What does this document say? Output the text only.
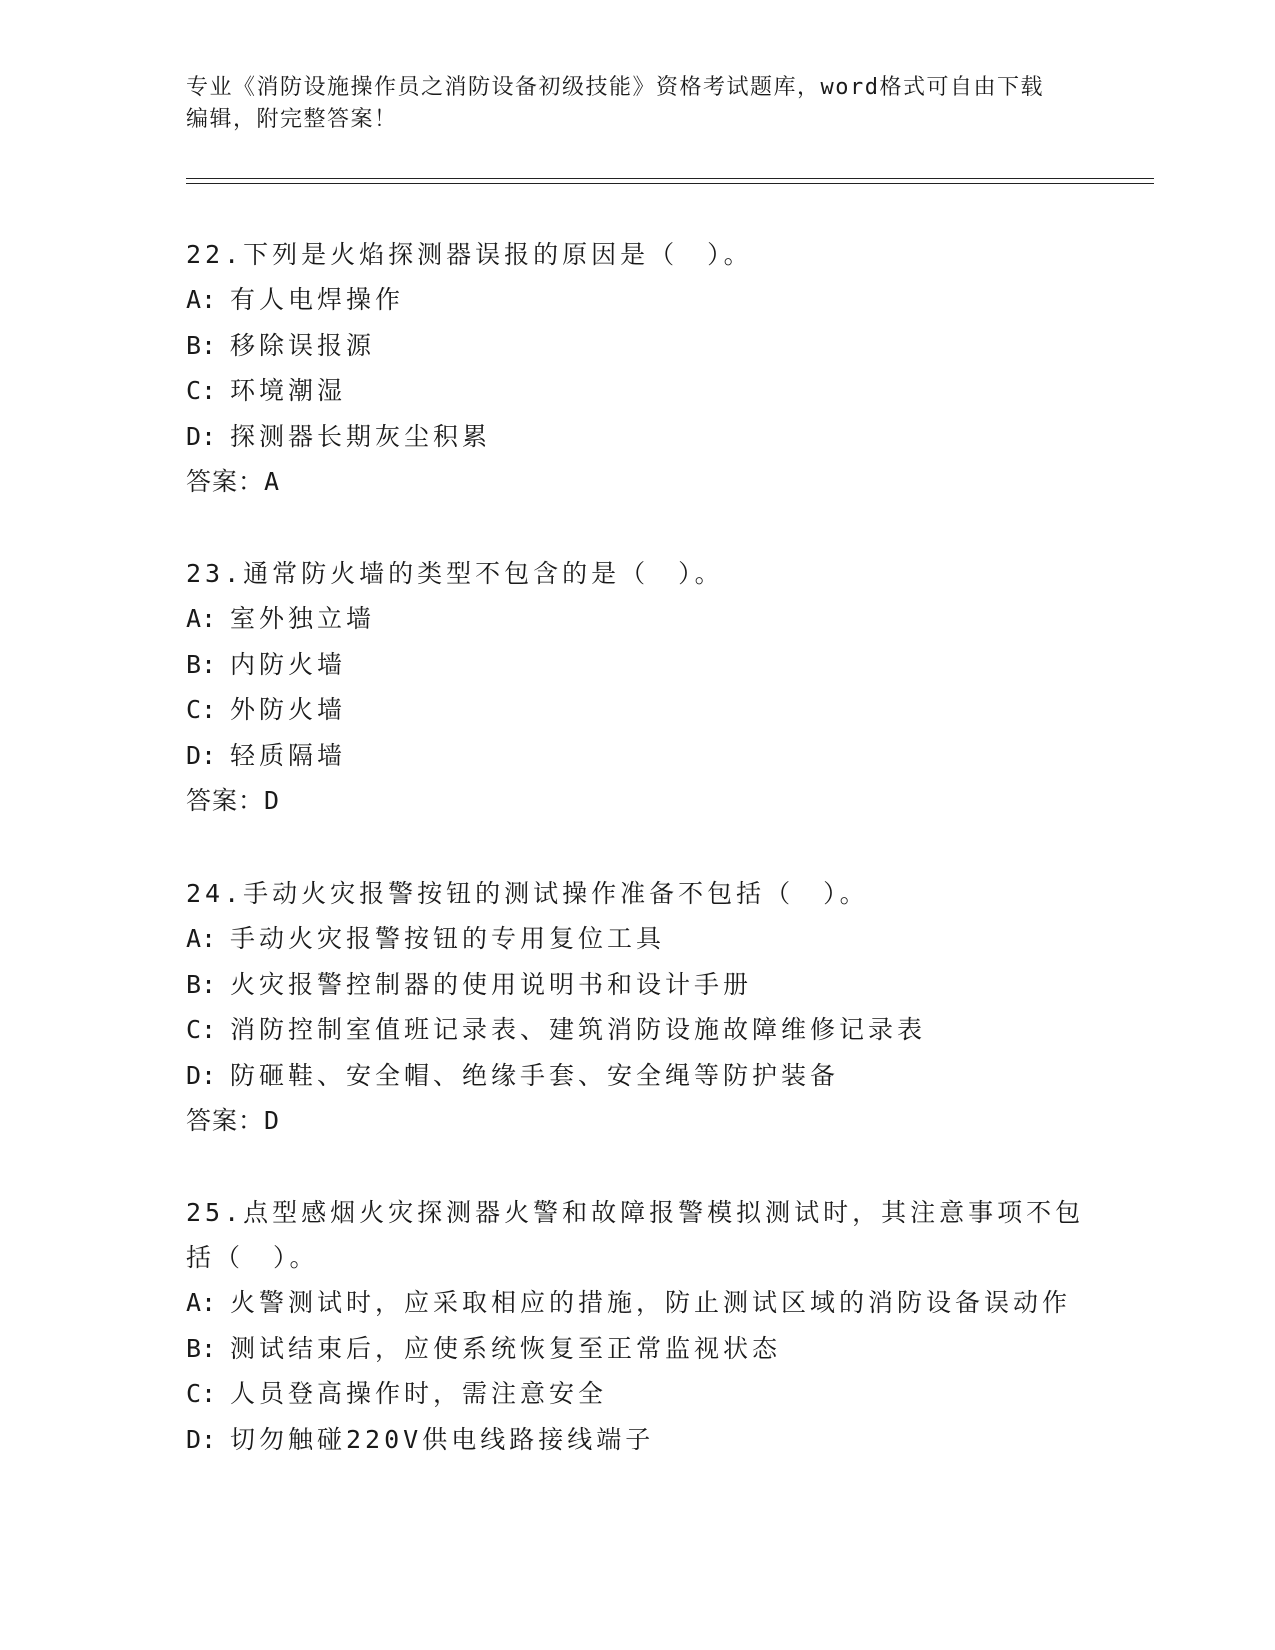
专业《消防设施操作员之消防设备初级技能》资格考试题库，word格式可自由下载编辑，附完整答案！

22.下列是火焰探测器误报的原因是（　）。

A: 有人电焊操作

B: 移除误报源

C: 环境潮湿

D: 探测器长期灰尘积累

答案：A

23.通常防火墙的类型不包含的是（　）。

A: 室外独立墙

B: 内防火墙

C: 外防火墙

D: 轻质隔墙

答案：D

24.手动火灾报警按钮的测试操作准备不包括（　）。

A: 手动火灾报警按钮的专用复位工具

B: 火灾报警控制器的使用说明书和设计手册

C: 消防控制室值班记录表、建筑消防设施故障维修记录表

D: 防砸鞋、安全帽、绝缘手套、安全绳等防护装备

答案：D

25.点型感烟火灾探测器火警和故障报警模拟测试时，其注意事项不包括（　）。

A: 火警测试时，应采取相应的措施，防止测试区域的消防设备误动作

B: 测试结束后，应使系统恢复至正常监视状态

C: 人员登高操作时，需注意安全

D: 切勿触碰220V供电线路接线端子
